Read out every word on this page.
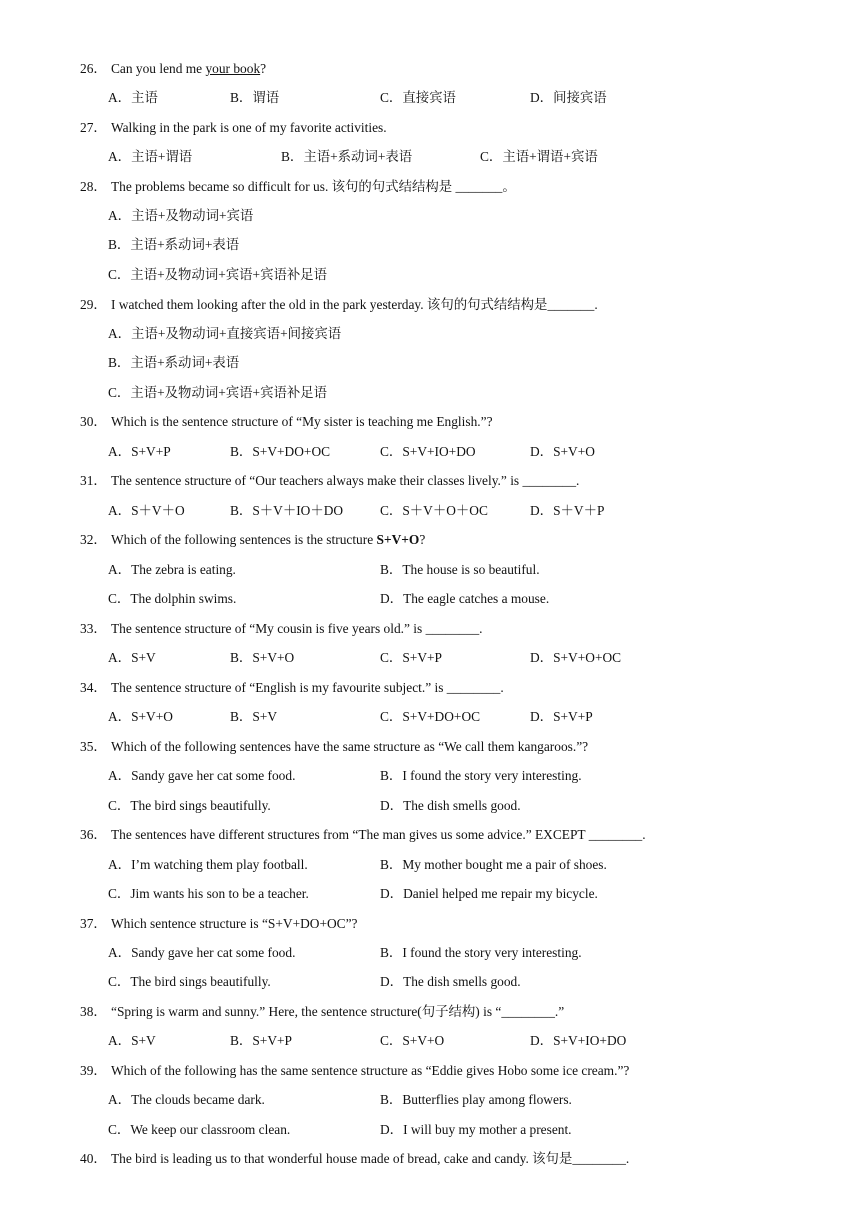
26． Can you lend me your book?
A．主语	B．谓语	C．直接宾语	D．间接宾语
27． Walking in the park is one of my favorite activities.
A．主语+谓语	B．主语+系动词+表语	C．主语+谓语+宾语
28． The problems became so difficult for us. 该句的句式结结构是 _______。
A．主语+及物动词+宾语
B．主语+系动词+表语
C．主语+及物动词+宾语+宾语补足语
29． I watched them looking after the old in the park yesterday. 该句的句式结结构是_______.
A．主语+及物动词+直接宾语+间接宾语
B．主语+系动词+表语
C．主语+及物动词+宾语+宾语补足语
30． Which is the sentence structure of “My sister is teaching me English.”?
A．S+V+P	B．S+V+DO+OC	C．S+V+IO+DO	D．S+V+O
31． The sentence structure of “Our teachers always make their classes lively.” is ________.
A．S＋V＋O	B．S＋V＋IO＋DO	C．S＋V＋O＋OC	D．S＋V＋P
32． Which of the following sentences is the structure S+V+O?
A．The zebra is eating.	B．The house is so beautiful.
C．The dolphin swims.	D．The eagle catches a mouse.
33． The sentence structure of “My cousin is five years old.” is ________.
A．S+V	B．S+V+O	C．S+V+P	D．S+V+O+OC
34． The sentence structure of “English is my favourite subject.” is ________.
A．S+V+O	B．S+V	C．S+V+DO+OC	D．S+V+P
35． Which of the following sentences have the same structure as “We call them kangaroos.”?
A．Sandy gave her cat some food.	B．I found the story very interesting.
C．The bird sings beautifully.	D．The dish smells good.
36． The sentences have different structures from “The man gives us some advice.” EXCEPT ________.
A．I’m watching them play football.	B．My mother bought me a pair of shoes.
C．Jim wants his son to be a teacher.	D．Daniel helped me repair my bicycle.
37． Which sentence structure is “S+V+DO+OC”?
A．Sandy gave her cat some food.	B．I found the story very interesting.
C．The bird sings beautifully.	D．The dish smells good.
38． “Spring is warm and sunny.” Here, the sentence structure(句子结构) is “________.”
A．S+V	B．S+V+P	C．S+V+O	D．S+V+IO+DO
39． Which of the following has the same sentence structure as “Eddie gives Hobo some ice cream.”?
A．The clouds became dark.	B．Butterflies play among flowers.
C．We keep our classroom clean.	D．I will buy my mother a present.
40． The bird is leading us to that wonderful house made of bread, cake and candy. 该句是________.
